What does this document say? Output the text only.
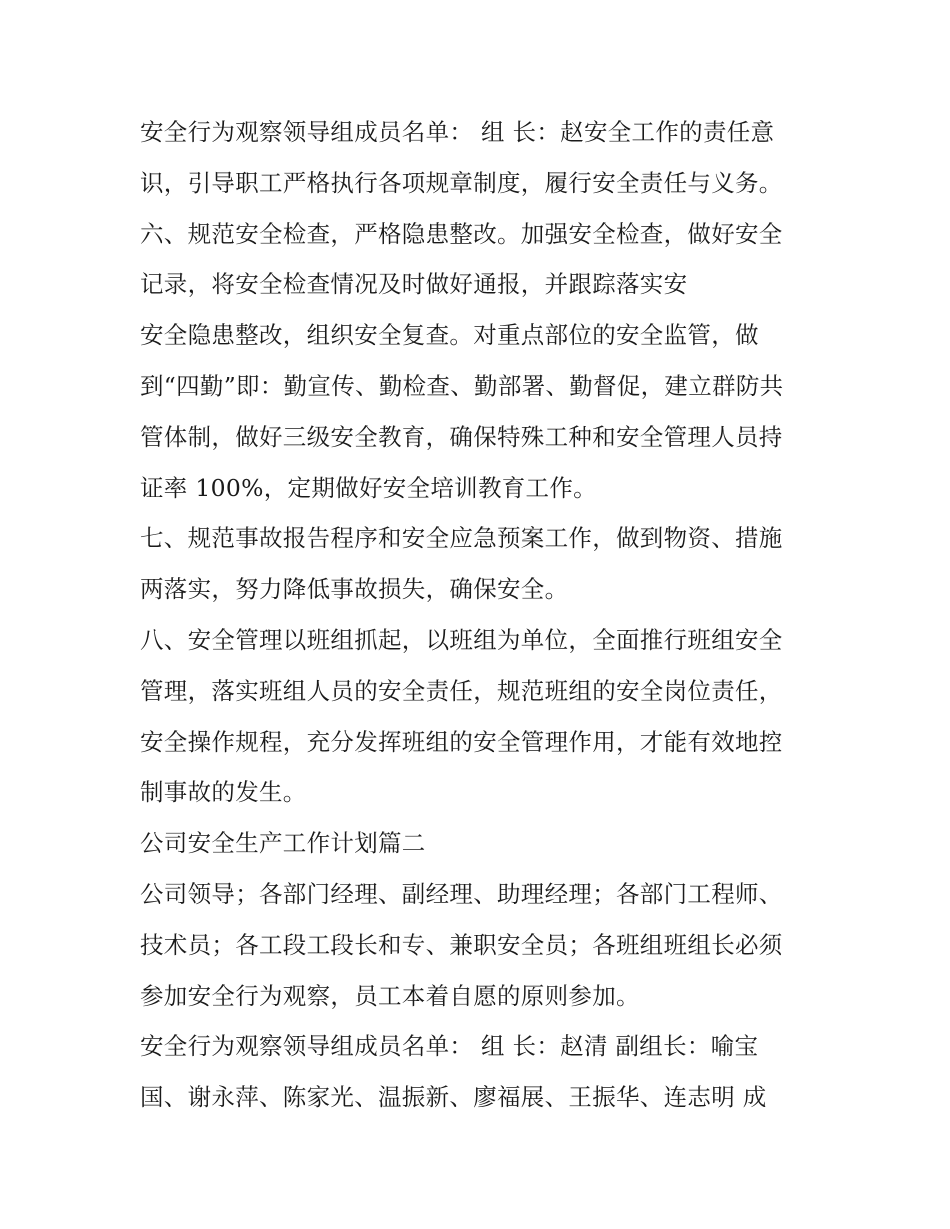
安全行为观察领导组成员名单： 组 长：赵安全工作的责任意
识，引导职工严格执行各项规章制度，履行安全责任与义务。
六、规范安全检查，严格隐患整改。加强安全检查，做好安全
记录，将安全检查情况及时做好通报，并跟踪落实安
安全隐患整改，组织安全复查。对重点部位的安全监管，做
到“四勤”即：勤宣传、勤检查、勤部署、勤督促，建立群防共
管体制，做好三级安全教育，确保特殊工种和安全管理人员持
证率 100%，定期做好安全培训教育工作。
七、规范事故报告程序和安全应急预案工作，做到物资、措施
两落实，努力降低事故损失，确保安全。
八、安全管理以班组抓起，以班组为单位，全面推行班组安全
管理，落实班组人员的安全责任，规范班组的安全岗位责任，
安全操作规程，充分发挥班组的安全管理作用，才能有效地控
制事故的发生。
公司安全生产工作计划篇二
公司领导；各部门经理、副经理、助理经理；各部门工程师、
技术员；各工段工段长和专、兼职安全员；各班组班组长必须
参加安全行为观察，员工本着自愿的原则参加。
安全行为观察领导组成员名单： 组 长：赵清 副组长：喻宝
国、谢永萍、陈家光、温振新、廖福展、王振华、连志明 成
